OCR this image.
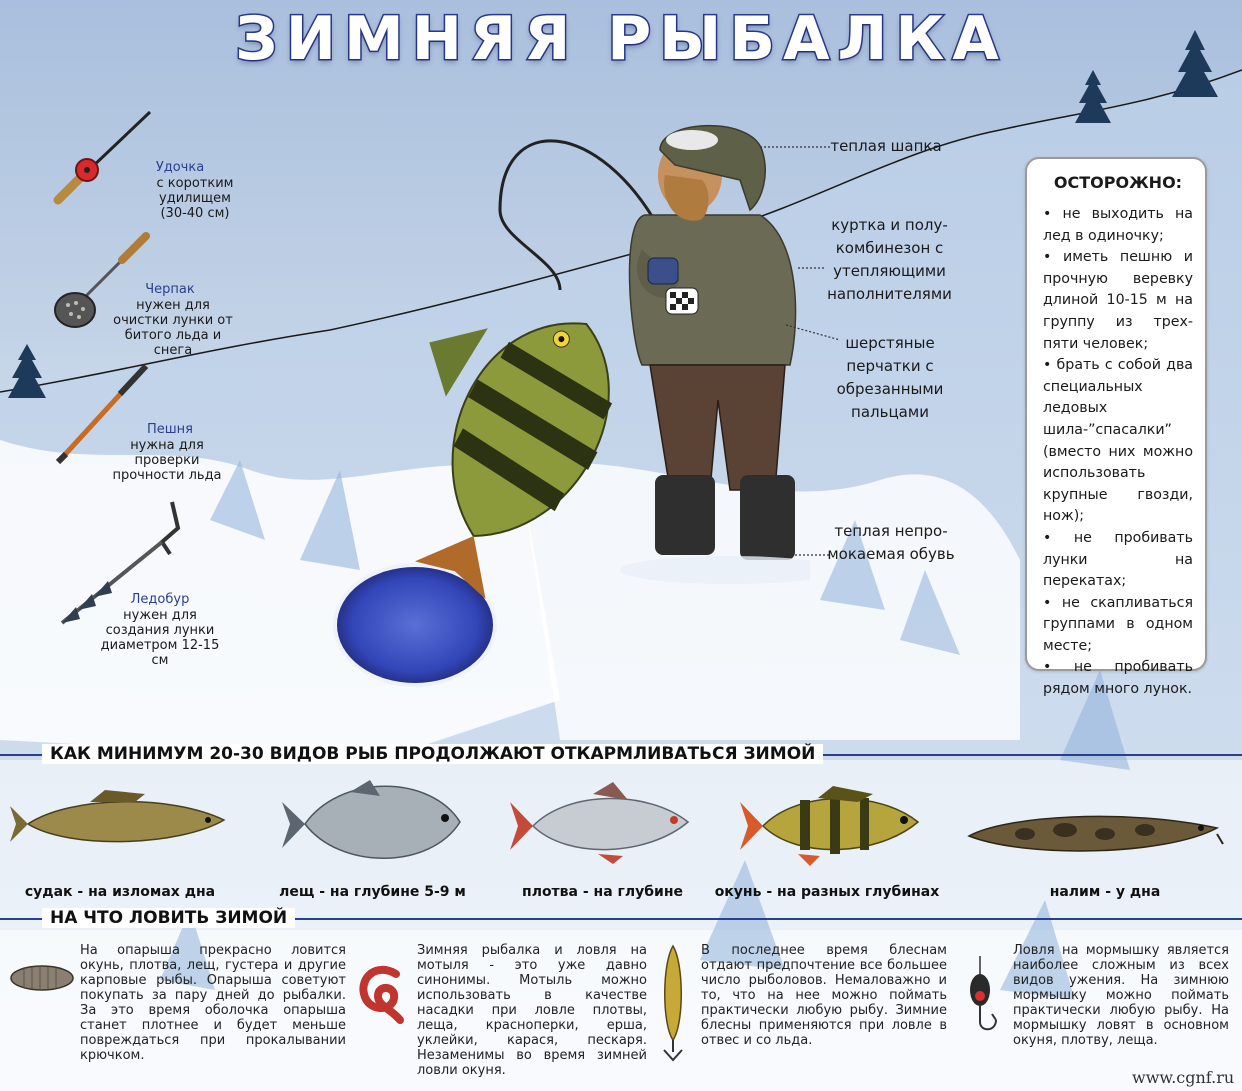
ЗИМНЯЯ РЫБАЛКА
Удочка
с коротким удилищем (30-40 см)
Черпак
нужен для очистки лунки от битого льда и снега
Пешня
нужна для проверки прочности льда
Ледобур
нужен для создания лунки диаметром 12-15 см
теплая шапка
куртка и полу-комбинезон с утепляющими наполнителями
шерстяные перчатки с обрезанными пальцами
теплая непро-мокаемая обувь
ОСТОРОЖНО:
• не выходить на лед в одиночку;
• иметь пешню и прочную веревку длиной 10-15 м на группу из трех-пяти человек;
• брать с собой два специальных ледовых шила-”спасалки” (вместо них можно использовать крупные гвозди, нож);
• не пробивать лунки на перекатах;
• не скапливаться группами в одном месте;
• не пробивать рядом много лунок.
КАК МИНИМУМ 20-30 ВИДОВ РЫБ ПРОДОЛЖАЮТ ОТКАРМЛИВАТЬСЯ ЗИМОЙ
судак - на изломах дна	лещ - на глубине 5-9 м	плотва - на глубине	окунь - на разных глубинах	налим - у дна
НА ЧТО ЛОВИТЬ ЗИМОЙ
На опарыша прекрасно ловится окунь, плотва, лещ, густера и другие карповые рыбы. Опарыша советуют покупать за пару дней до рыбалки. За это время оболочка опарыша станет плотнее и будет меньше повреждаться при прокалывании крючком.
Зимняя рыбалка и ловля на мотыля - это уже давно синонимы. Мотыль можно использовать в качестве насадки при ловле плотвы, леща, красноперки, ерша, уклейки, карася, пескаря. Незаменимы во время зимней ловли окуня.
В последнее время блеснам отдают предпочтение все большее число рыболовов. Немаловажно и то, что на нее можно поймать практически любую рыбу. Зимние блесны применяются при ловле в отвес и со льда.
Ловля на мормышку является наиболее сложным из всех видов ужения. На зимнюю мормышку можно поймать практически любую рыбу. На мормышку ловят в основном окуня, плотву, леща.
www.cgnf.ru
